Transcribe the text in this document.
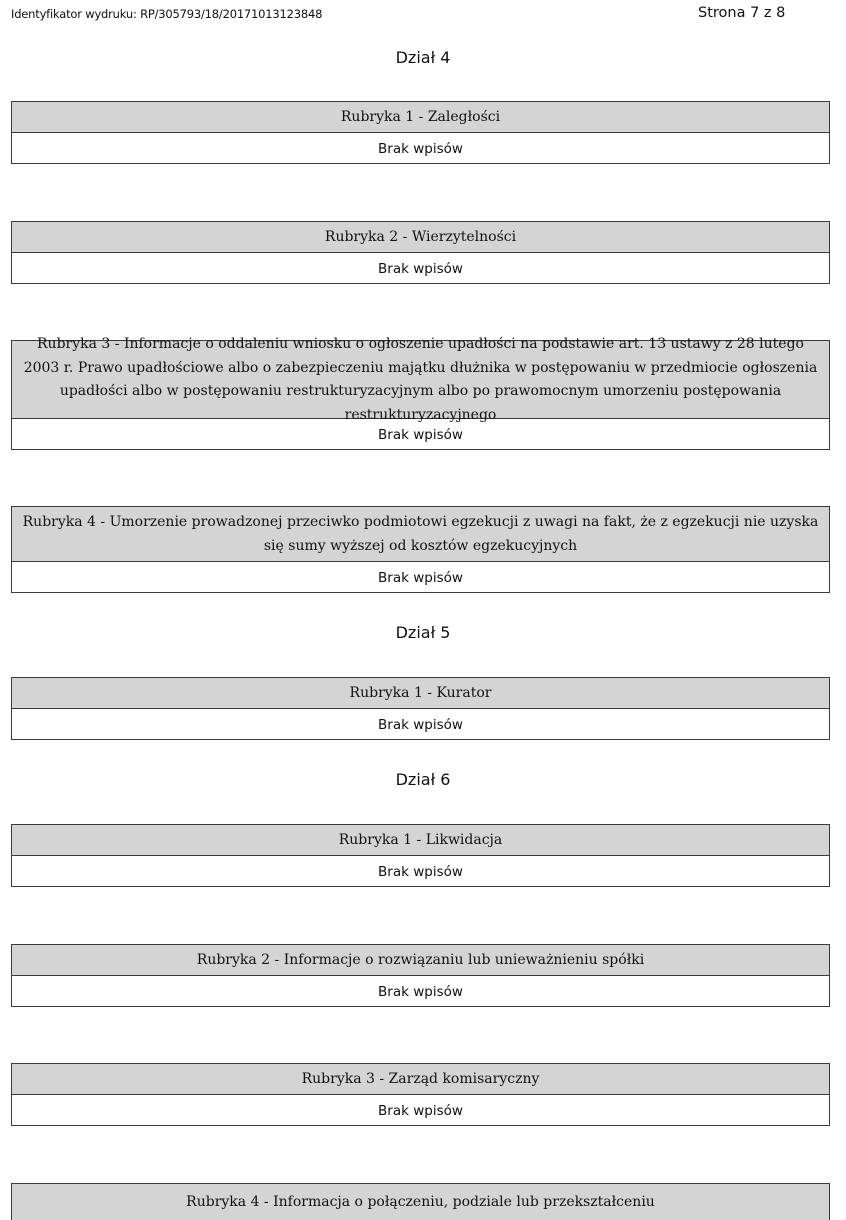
Identyfikator wydruku: RP/305793/18/20171013123848	Strona 7 z 8
Dział 4
Rubryka 1 - Zaległości
Brak wpisów
Rubryka 2 - Wierzytelności
Brak wpisów
Rubryka 3 - Informacje o oddaleniu wniosku o ogłoszenie upadłości na podstawie art. 13 ustawy z 28 lutego 2003 r. Prawo upadłościowe albo o zabezpieczeniu majątku dłużnika w postępowaniu w przedmiocie ogłoszenia upadłości albo w postępowaniu restrukturyzacyjnym albo po prawomocnym umorzeniu postępowania restrukturyzacyjnego
Brak wpisów
Rubryka 4 - Umorzenie prowadzonej przeciwko podmiotowi egzekucji z uwagi na fakt, że z egzekucji nie uzyska się sumy wyższej od kosztów egzekucyjnych
Brak wpisów
Dział 5
Rubryka 1 - Kurator
Brak wpisów
Dział 6
Rubryka 1 - Likwidacja
Brak wpisów
Rubryka 2 - Informacje o rozwiązaniu lub unieważnieniu spółki
Brak wpisów
Rubryka 3 - Zarząd komisaryczny
Brak wpisów
Rubryka 4 - Informacja o połączeniu, podziale lub przekształceniu
